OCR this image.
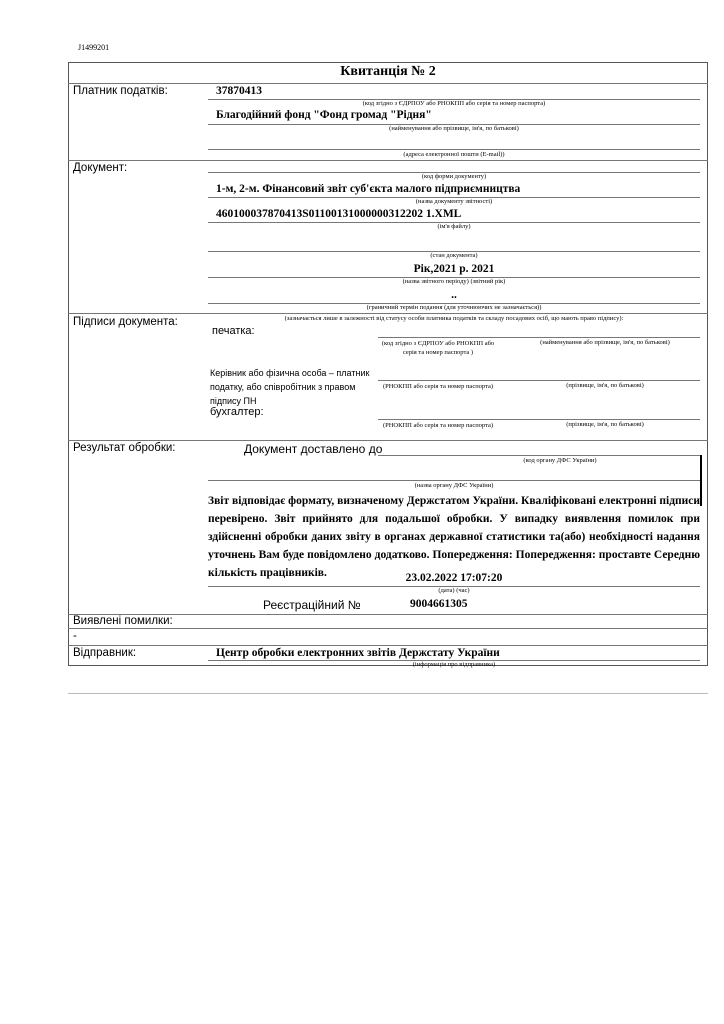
J1499201
Квитанція № 2
Платник податків:	37870413
(код згідно з ЄДРПОУ або РНОКПП або серія та номер паспорта)
Благодійний фонд "Фонд громад "Рідня"
(найменування або прізвище, ім'я, по батькові)
(адреса електронної пошти (E-mail))
Документ:
(код форми документу)
1-м, 2-м. Фінансовий звіт суб'єкта малого підприємництва
(назва документу звітності)
460100037870413S01100131000000312202 1.XML
(ім'я файлу)
(стан документа)
Рік,2021 р. 2021
(назва звітного періоду) (звітний рік)
..
(граничний термін подання (для уточнюючих не зазначається))
Підписи документа:	(зазначається лише в залежності від статусу особи платника податків та складу посадових осіб, що мають право підпису):
печатка:
(код згідно з ЄДРПОУ або РНОКПП або серія та номер паспорта )
(найменування або прізвище, ім'я, по батькові)
Керівник або фізична особа – платник податку, або співробітник з правом підпису ПН
(РНОКПП або серія та номер паспорта)	(прізвище, ім'я, по батькові)
бухгалтер:
(РНОКПП або серія та номер паспорта)	(прізвище, ім'я, по батькові)
Результат обробки:	Документ доставлено до
(код органу ДФС України)
(назва органу ДФС України)
Звіт відповідає формату, визначеному Держстатом України. Кваліфіковані електронні підписи перевірено. Звіт прийнято для подальшої обробки. У випадку виявлення помилок при здійсненні обробки даних звіту в органах державної статистики та(або) необхідності надання уточнень Вам буде повідомлено додатково. Попередження: Попередження: проставте Середню кількість працівників.	23.02.2022 17:07:20
(дата) (час)
Реєстраційний №	9004661305
Виявлені помилки:
-
Відправник:	Центр обробки електронних звітів Держстату України
(інформація про відправника)
